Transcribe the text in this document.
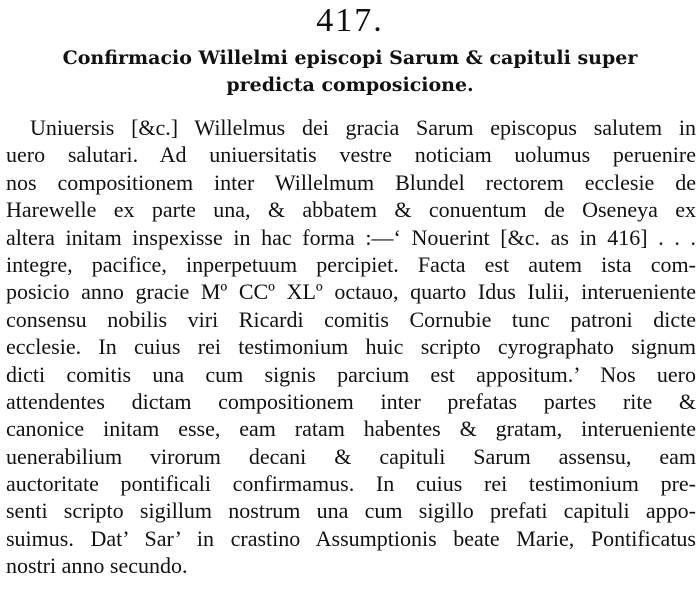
417.
Confirmacio Willelmi episcopi Sarum & capituli super
predicta composicione.
Uniuersis [&c.] Willelmus dei gracia Sarum episcopus salutem in
uero salutari. Ad uniuersitatis vestre noticiam uolumus peruenire
nos compositionem inter Willelmum Blundel rectorem ecclesie de
Harewelle ex parte una, & abbatem & conuentum de Oseneya ex
altera initam inspexisse in hac forma :—‘ Nouerint [&c. as in 416] . . .
integre, pacifice, inperpetuum percipiet. Facta est autem ista com-
posicio anno gracie Mº CCº XLº octauo, quarto Idus Iulii, interueniente
consensu nobilis viri Ricardi comitis Cornubie tunc patroni dicte
ecclesie. In cuius rei testimonium huic scripto cyrographato signum
dicti comitis una cum signis parcium est appositum.’ Nos uero
attendentes dictam compositionem inter prefatas partes rite &
canonice initam esse, eam ratam habentes & gratam, interueniente
uenerabilium virorum decani & capituli Sarum assensu, eam
auctoritate pontificali confirmamus. In cuius rei testimonium pre-
senti scripto sigillum nostrum una cum sigillo prefati capituli appo-
suimus. Dat’ Sar’ in crastino Assumptionis beate Marie, Pontificatus
nostri anno secundo.
